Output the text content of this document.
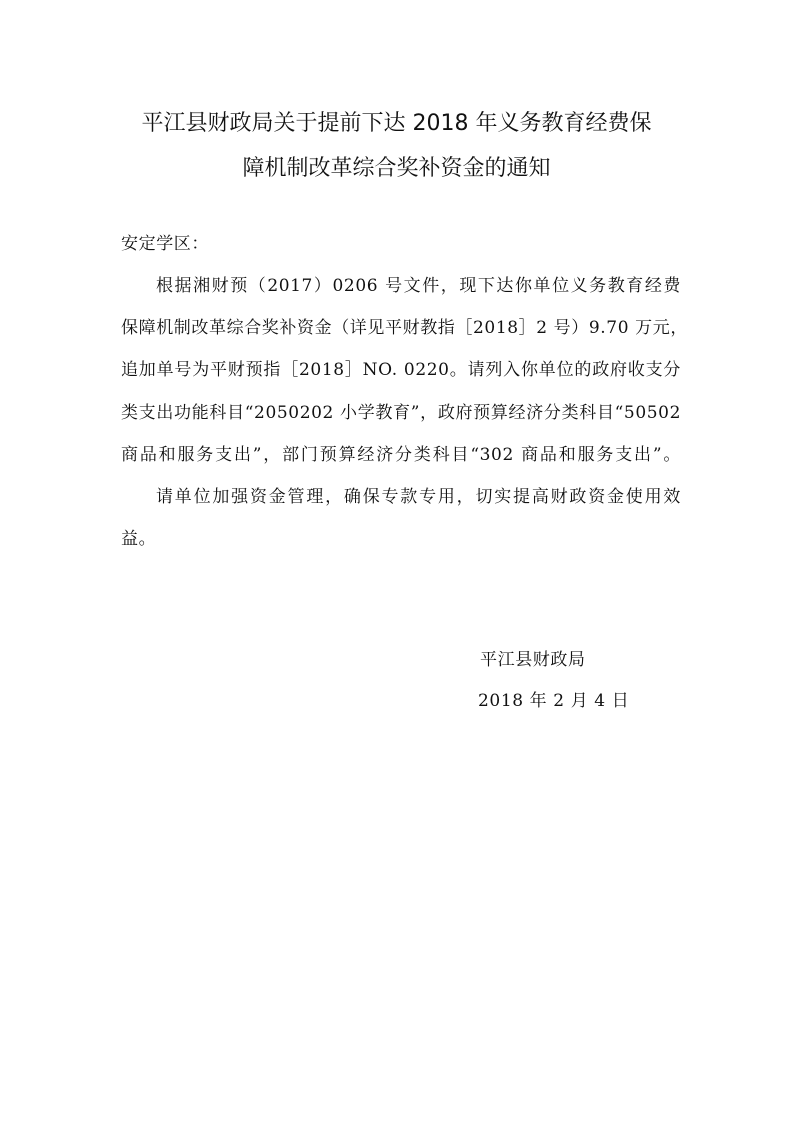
平江县财政局关于提前下达 2018 年义务教育经费保
障机制改革综合奖补资金的通知
安定学区：
根据湘财预（2017）0206 号文件，现下达你单位义务教育经费
保障机制改革综合奖补资金（详见平财教指［2018］2 号）9.70 万元，
追加单号为平财预指［2018］NO. 0220。请列入你单位的政府收支分
类支出功能科目“2050202 小学教育”，政府预算经济分类科目“50502
商品和服务支出”，部门预算经济分类科目“302 商品和服务支出”。
请单位加强资金管理，确保专款专用，切实提高财政资金使用效
益。
平江县财政局
2018 年 2 月 4 日
